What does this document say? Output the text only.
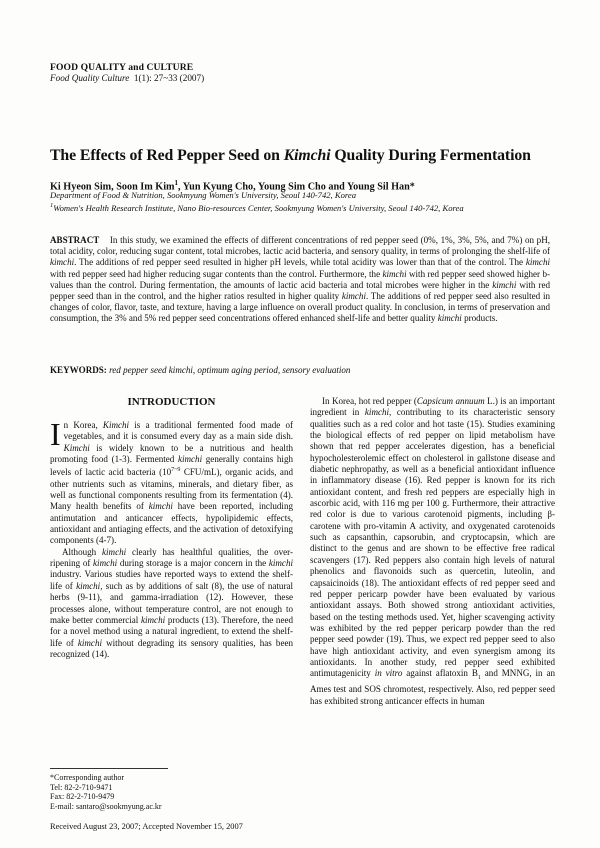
FOOD QUALITY and CULTURE
Food Quality Culture 1(1): 27~33 (2007)
The Effects of Red Pepper Seed on Kimchi Quality During Fermentation
Ki Hyeon Sim, Soon Im Kim$^1$, Yun Kyung Cho, Young Sim Cho and Young Sil Han*
Department of Food & Nutrition, Sookmyung Women's University, Seoul 140-742, Korea
$^1$Women's Health Research Institute, Nano Bio-resources Center, Sookmyung Women's University, Seoul 140-742, Korea
ABSTRACT In this study, we examined the effects of different concentrations of red pepper seed (0%, 1%, 3%, 5%, and 7%) on pH, total acidity, color, reducing sugar content, total microbes, lactic acid bacteria, and sensory quality, in terms of prolonging the shelf-life of kimchi. The additions of red pepper seed resulted in higher pH levels, while total acidity was lower than that of the control. The kimchi with red pepper seed had higher reducing sugar contents than the control. Furthermore, the kimchi with red pepper seed showed higher b-values than the control. During fermentation, the amounts of lactic acid bacteria and total microbes were higher in the kimchi with red pepper seed than in the control, and the higher ratios resulted in higher quality kimchi. The additions of red pepper seed also resulted in changes of color, flavor, taste, and texture, having a large influence on overall product quality. In conclusion, in terms of preservation and consumption, the 3% and 5% red pepper seed concentrations offered enhanced shelf-life and better quality kimchi products.
KEYWORDS: red pepper seed kimchi, optimum aging period, sensory evaluation
INTRODUCTION

In Korea, Kimchi is a traditional fermented food made of vegetables, and it is consumed every day as a main side dish. Kimchi is widely known to be a nutritious and health promoting food (1-3). Fermented kimchi generally contains high levels of lactic acid bacteria ($10^{7\sim 9}$ CFU/mL), organic acids, and other nutrients such as vitamins, minerals, and dietary fiber, as well as functional components resulting from its fermentation (4). Many health benefits of kimchi have been reported, including antimutation and anticancer effects, hypolipidemic effects, antioxidant and antiaging effects, and the activation of detoxifying components (4-7).

Although kimchi clearly has healthful qualities, the over-ripening of kimchi during storage is a major concern in the kimchi industry. Various studies have reported ways to extend the shelf-life of kimchi, such as by additions of salt (8), the use of natural herbs (9-11), and gamma-irradiation (12). However, these processes alone, without temperature control, are not enough to make better commercial kimchi products (13). Therefore, the need for a novel method using a natural ingredient, to extend the shelf-life of kimchi without degrading its sensory qualities, has been recognized (14).

In Korea, hot red pepper (Capsicum annuum L.) is an important ingredient in kimchi, contributing to its characteristic sensory qualities such as a red color and hot taste (15). Studies examining the biological effects of red pepper on lipid metabolism have shown that red pepper accelerates digestion, has a beneficial hypocholesterolemic effect on cholesterol in gallstone disease and diabetic nephropathy, as well as a beneficial antioxidant influence in inflammatory disease (16). Red pepper is known for its rich antioxidant content, and fresh red peppers are especially high in ascorbic acid, with 116 mg per 100 g. Furthermore, their attractive red color is due to various carotenoid pigments, including β-carotene with pro-vitamin A activity, and oxygenated carotenoids such as capsanthin, capsorubin, and cryptocapsin, which are distinct to the genus and are shown to be effective free radical scavengers (17). Red peppers also contain high levels of natural phenolics and flavonoids such as quercetin, luteolin, and capsaicinoids (18). The antioxidant effects of red pepper seed and red pepper pericarp powder have been evaluated by various antioxidant assays. Both showed strong antioxidant activities, based on the testing methods used. Yet, higher scavenging activity was exhibited by the red pepper pericarp powder than the red pepper seed powder (19). Thus, we expect red pepper seed to also have high antioxidant activity, and even synergism among its antioxidants. In another study, red pepper seed exhibited antimutagenicity in vitro against aflatoxin $B_1$ and MNNG, in an Ames test and SOS chromotest, respectively. Also, red pepper seed has exhibited strong anticancer effects in human

*Corresponding author
Tel: 82-2-710-9471
Fax: 82-2-710-9479
E-mail: santaro@sookmyung.ac.kr
Received August 23, 2007; Accepted November 15, 2007
